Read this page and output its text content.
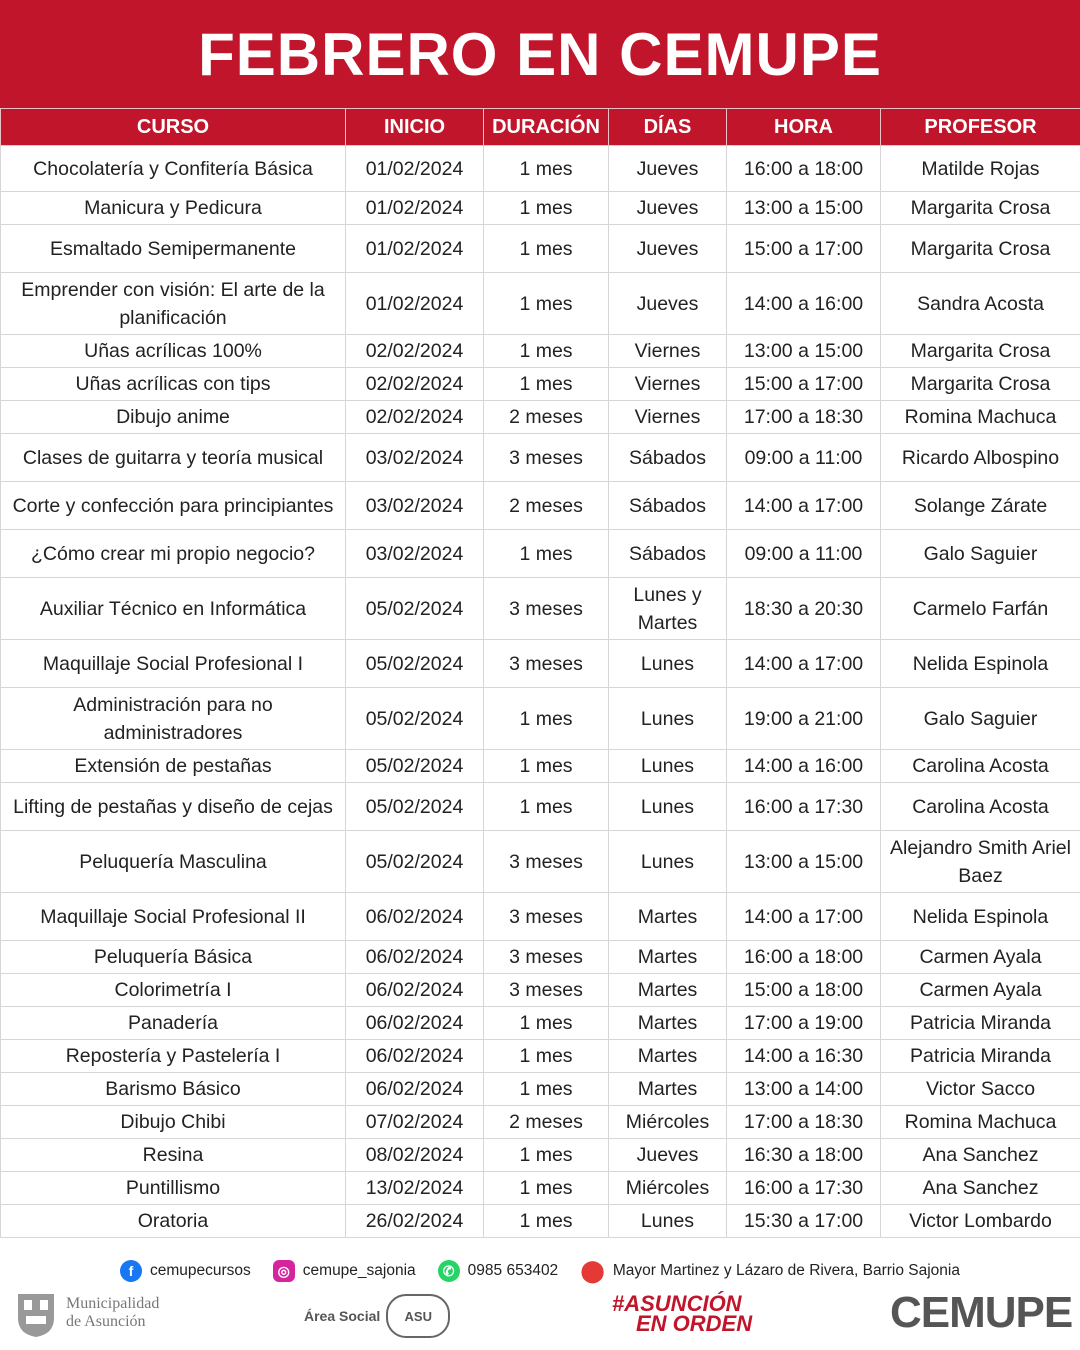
FEBRERO EN CEMUPE
CURSO	INICIO	DURACIÓN	DÍAS	HORA	PROFESOR
Chocolatería y Confitería Básica	01/02/2024	1 mes	Jueves	16:00 a 18:00	Matilde Rojas
Manicura y Pedicura	01/02/2024	1 mes	Jueves	13:00 a 15:00	Margarita Crosa
Esmaltado Semipermanente	01/02/2024	1 mes	Jueves	15:00 a 17:00	Margarita Crosa
Emprender con visión: El arte de la planificación	01/02/2024	1 mes	Jueves	14:00 a 16:00	Sandra Acosta
Uñas acrílicas 100%	02/02/2024	1 mes	Viernes	13:00 a 15:00	Margarita Crosa
Uñas acrílicas con tips	02/02/2024	1 mes	Viernes	15:00 a 17:00	Margarita Crosa
Dibujo anime	02/02/2024	2 meses	Viernes	17:00 a 18:30	Romina Machuca
Clases de guitarra y teoría musical	03/02/2024	3 meses	Sábados	09:00 a 11:00	Ricardo Albospino
Corte y confección para principiantes	03/02/2024	2 meses	Sábados	14:00 a 17:00	Solange Zárate
¿Cómo crear mi propio negocio?	03/02/2024	1 mes	Sábados	09:00 a 11:00	Galo Saguier
Auxiliar Técnico en Informática	05/02/2024	3 meses	Lunes y Martes	18:30 a 20:30	Carmelo Farfán
Maquillaje Social Profesional I	05/02/2024	3 meses	Lunes	14:00 a 17:00	Nelida Espinola
Administración para no administradores	05/02/2024	1 mes	Lunes	19:00 a 21:00	Galo Saguier
Extensión de pestañas	05/02/2024	1 mes	Lunes	14:00 a 16:00	Carolina Acosta
Lifting de pestañas y diseño de cejas	05/02/2024	1 mes	Lunes	16:00 a 17:30	Carolina Acosta
Peluquería Masculina	05/02/2024	3 meses	Lunes	13:00 a 15:00	Alejandro Smith Ariel Baez
Maquillaje Social Profesional II	06/02/2024	3 meses	Martes	14:00 a 17:00	Nelida Espinola
Peluquería Básica	06/02/2024	3 meses	Martes	16:00 a 18:00	Carmen Ayala
Colorimetría I	06/02/2024	3 meses	Martes	15:00 a 18:00	Carmen Ayala
Panadería	06/02/2024	1 mes	Martes	17:00 a 19:00	Patricia Miranda
Repostería y Pastelería I	06/02/2024	1 mes	Martes	14:00 a 16:30	Patricia Miranda
Barismo Básico	06/02/2024	1 mes	Martes	13:00 a 14:00	Victor Sacco
Dibujo Chibi	07/02/2024	2 meses	Miércoles	17:00 a 18:30	Romina Machuca
Resina	08/02/2024	1 mes	Jueves	16:30 a 18:00	Ana Sanchez
Puntillismo	13/02/2024	1 mes	Miércoles	16:00 a 17:30	Ana Sanchez
Oratoria	26/02/2024	1 mes	Lunes	15:30 a 17:00	Victor Lombardo
f	cemupecursos	◎ cemupe_sajonia	✆ 0985 653402 ⬤ Mayor Martinez y Lázaro de Rivera, Barrio Sajonia
Municipalidad
de Asunción	Área Social	ASU	#ASUNCIÓN
EN ORDEN	CEMUPE
